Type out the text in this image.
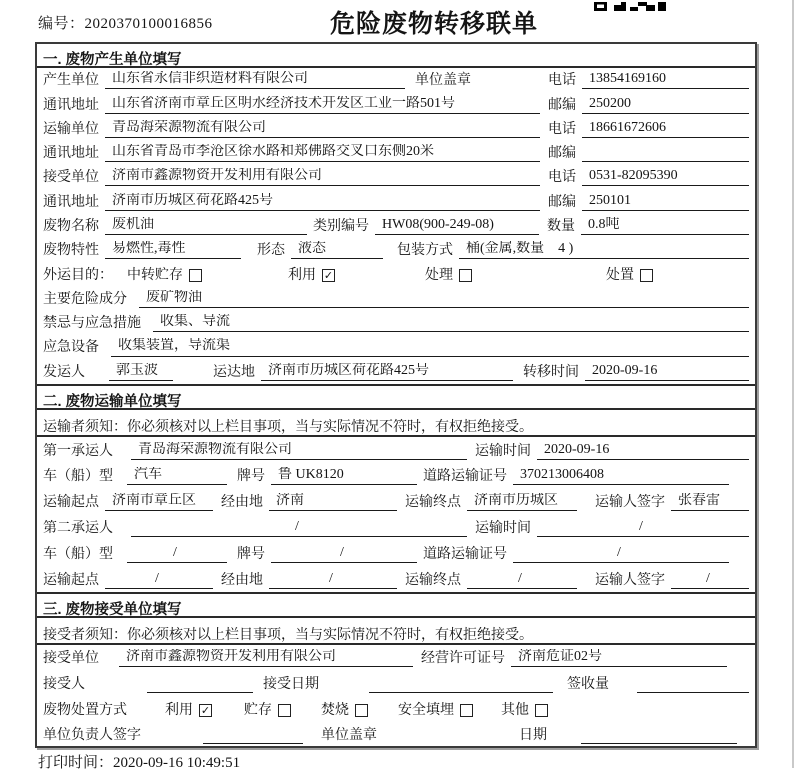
编号：2020370100016856	危险废物转移联单
一. 废物产生单位填写
产生单位 山东省永信非织造材料有限公司	单位盖章	电话 13854169160
通讯地址 山东省济南市章丘区明水经济技术开发区工业一路501号	邮编 250200
运输单位 青岛海荣源物流有限公司	电话 18661672606
通讯地址 山东省青岛市李沧区徐水路和郑佛路交叉口东侧20米	邮编
接受单位 济南市鑫源物资开发利用有限公司	电话 0531-82095390
通讯地址 济南市历城区荷花路425号	邮编 250101
废物名称 废机油	类别编号 HW08(900-249-08)	数量 0.8吨
废物特性 易燃性,毒性	形态 液态	包装方式 桶(金属,数量　4 )
外运目的：	中转贮存	利用 ✓	处理	处置
主要危险成分	废矿物油
禁忌与应急措施	收集、导流
应急设备	收集装置，导流渠
发运人	郭玉波	运达地 济南市历城区荷花路425号	转移时间 2020-09-16
二. 废物运输单位填写
运输者须知：你必须核对以上栏目事项，当与实际情况不符时，有权拒绝接受。
第一承运人	青岛海荣源物流有限公司	运输时间 2020-09-16
车（船）型	汽车	牌号 鲁 UK8120	道路运输证号 370213006408
运输起点 济南市章丘区	经由地 济南	运输终点 济南市历城区	运输人签字 张春雷
第二承运人	/	运输时间	/
车（船）型	/	牌号	/	道路运输证号	/
运输起点	/	经由地	/	运输终点	/	运输人签字	/
三. 废物接受单位填写
接受者须知：你必须核对以上栏目事项，当与实际情况不符时，有权拒绝接受。
接受单位	济南市鑫源物资开发利用有限公司	经营许可证号 济南危证02号
接受人	接受日期	签收量
废物处置方式	利用 ✓ 贮存	焚烧	安全填埋	其他
单位负责人签字	单位盖章	日期
打印时间：2020-09-16 10:49:51
